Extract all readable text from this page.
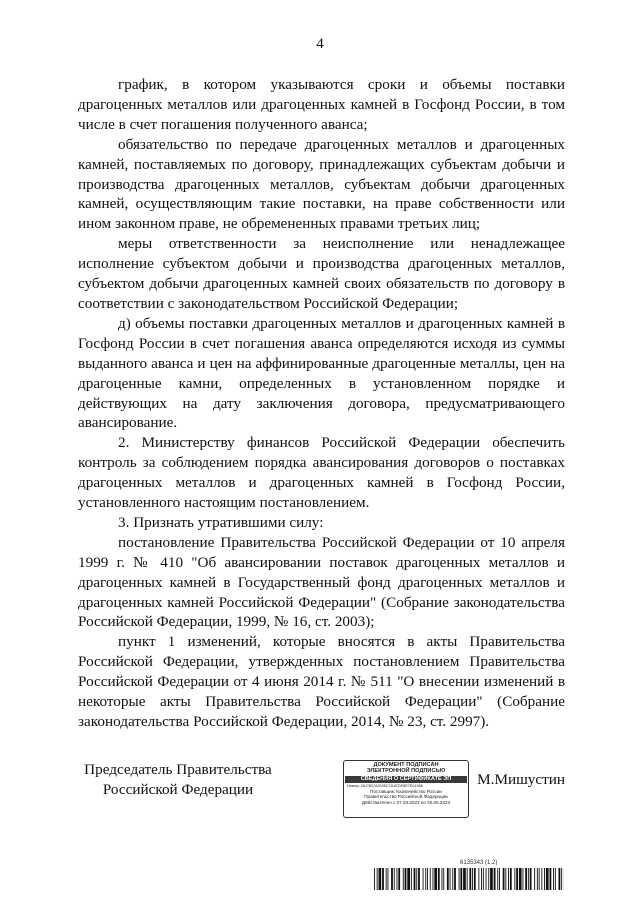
4

график, в котором указываются сроки и объемы поставки драгоценных металлов или драгоценных камней в Госфонд России, в том числе в счет погашения полученного аванса;

обязательство по передаче драгоценных металлов и драгоценных камней, поставляемых по договору, принадлежащих субъектам добычи и производства драгоценных металлов, субъектам добычи драгоценных камней, осуществляющим такие поставки, на праве собственности или ином законном праве, не обремененных правами третьих лиц;

меры ответственности за неисполнение или ненадлежащее исполнение субъектом добычи и производства драгоценных металлов, субъектом добычи драгоценных камней своих обязательств по договору в соответствии с законодательством Российской Федерации;

д) объемы поставки драгоценных металлов и драгоценных камней в Госфонд России в счет погашения аванса определяются исходя из суммы выданного аванса и цен на аффинированные драгоценные металлы, цен на драгоценные камни, определенных в установленном порядке и действующих на дату заключения договора, предусматривающего авансирование.

2. Министерству финансов Российской Федерации обеспечить контроль за соблюдением порядка авансирования договоров о поставках драгоценных металлов и драгоценных камней в Госфонд России, установленного настоящим постановлением.

3. Признать утратившими силу:

постановление Правительства Российской Федерации от 10 апреля 1999 г. № 410 "Об авансировании поставок драгоценных металлов и драгоценных камней в Государственный фонд драгоценных металлов и драгоценных камней Российской Федерации" (Собрание законодательства Российской Федерации, 1999, № 16, ст. 2003);

пункт 1 изменений, которые вносятся в акты Правительства Российской Федерации, утвержденных постановлением Правительства Российской Федерации от 4 июня 2014 г. № 511 "О внесении изменений в некоторые акты Правительства Российской Федерации" (Собрание законодательства Российской Федерации, 2014, № 23, ст. 2997).

Председатель Правительства
Российской Федерации
ДОКУМЕНТ ПОДПИСАН
ЭЛЕКТРОННОЙ ПОДПИСЬЮ
СВЕДЕНИЯ О СЕРТИФИКАТЕ ЭП
Номер: 2AC3B7A3005C7A1EDF8E7E01988
Поставщик: Казначейство России
Правительство Российской Федерации
Действителен с 07.03.2023 по 30.05.2024
М.Мишустин
6135343 (1.2)
